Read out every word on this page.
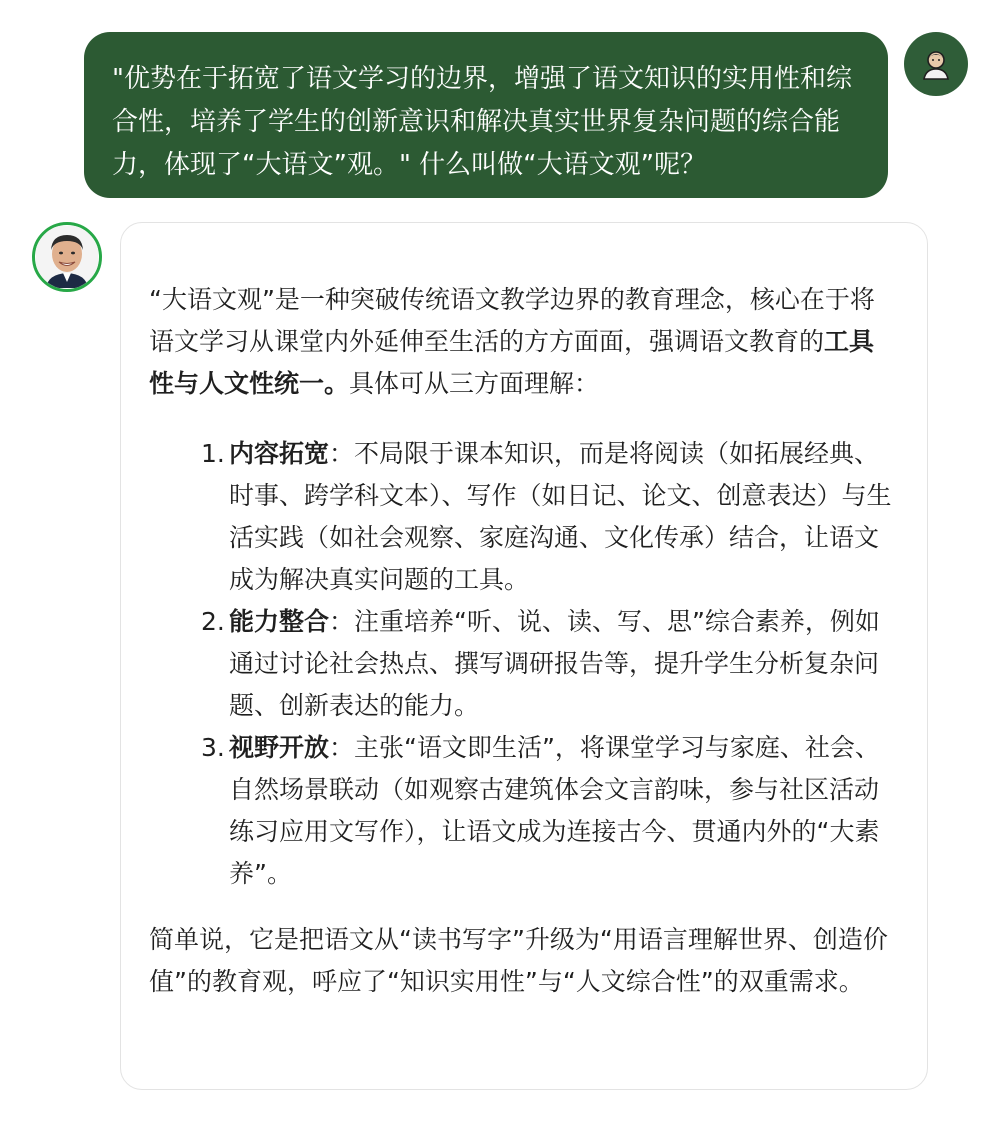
"优势在于拓宽了语文学习的边界，增强了语文知识的实用性和综合性，培养了学生的创新意识和解决真实世界复杂问题的综合能力，体现了“大语文”观。" 什么叫做“大语文观”呢？

“大语文观”是一种突破传统语文教学边界的教育理念，核心在于将语文学习从课堂内外延伸至生活的方方面面，强调语文教育的工具性与人文性统一。具体可从三方面理解：

1. 内容拓宽：不局限于课本知识，而是将阅读（如拓展经典、时事、跨学科文本）、写作（如日记、论文、创意表达）与生活实践（如社会观察、家庭沟通、文化传承）结合，让语文成为解决真实问题的工具。
2. 能力整合：注重培养“听、说、读、写、思”综合素养，例如通过讨论社会热点、撰写调研报告等，提升学生分析复杂问题、创新表达的能力。
3. 视野开放：主张“语文即生活”，将课堂学习与家庭、社会、自然场景联动（如观察古建筑体会文言韵味，参与社区活动练习应用文写作），让语文成为连接古今、贯通内外的“大素养”。

简单说，它是把语文从“读书写字”升级为“用语言理解世界、创造价值”的教育观，呼应了“知识实用性”与“人文综合性”的双重需求。
